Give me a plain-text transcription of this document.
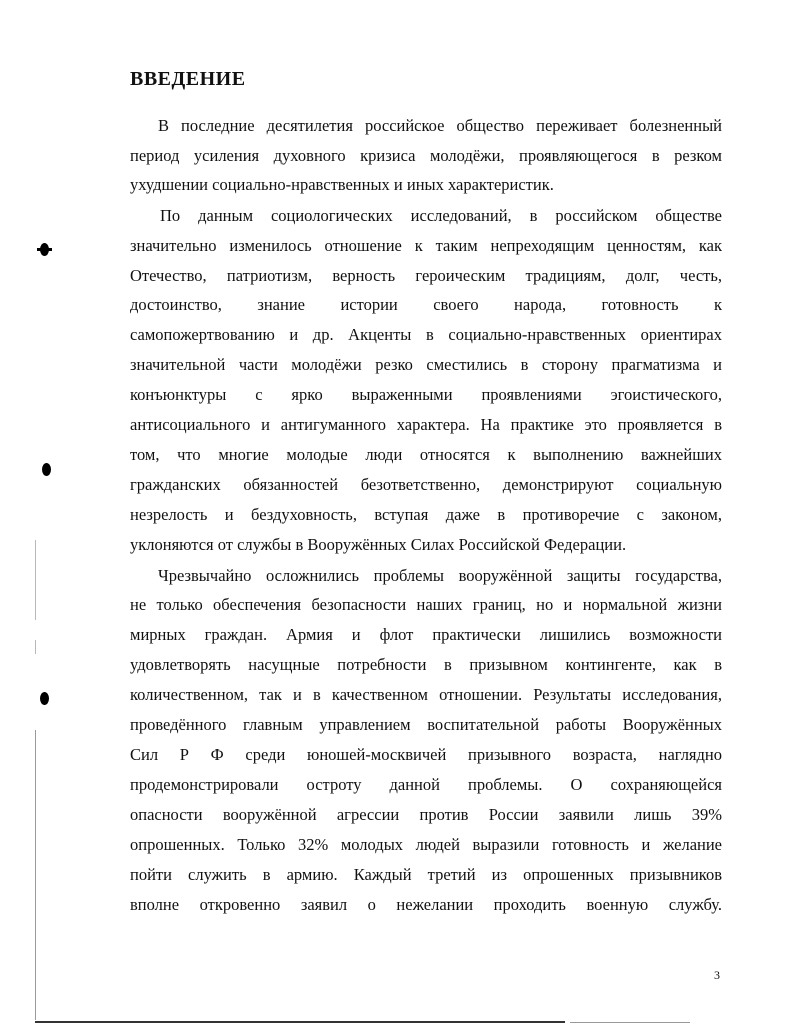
ВВЕДЕНИЕ
В последние десятилетия российское общество переживает болезненный
период усиления духовного кризиса молодёжи, проявляющегося в резком
ухудшении социально-нравственных и иных характеристик.
По данным социологических исследований, в российском обществе
значительно изменилось отношение к таким непреходящим ценностям, как
Отечество, патриотизм, верность героическим традициям, долг, честь,
достоинство, знание истории своего народа, готовность к
самопожертвованию и др. Акценты в социально-нравственных ориентирах
значительной части молодёжи резко сместились в сторону прагматизма и
конъюнктуры с ярко выраженными проявлениями эгоистического,
антисоциального и антигуманного характера. На практике это проявляется в
том, что многие молодые люди относятся к выполнению важнейших
гражданских обязанностей безответственно, демонстрируют социальную
незрелость и бездуховность, вступая даже в противоречие с законом,
уклоняются от службы в Вооружённых Силах Российской Федерации.
Чрезвычайно осложнились проблемы вооружённой защиты государства,
не только обеспечения безопасности наших границ, но и нормальной жизни
мирных граждан. Армия и флот практически лишились возможности
удовлетворять насущные потребности в призывном контингенте, как в
количественном, так и в качественном отношении. Результаты исследования,
проведённого главным управлением воспитательной работы Вооружённых
Сил Р Ф среди юношей-москвичей призывного возраста, наглядно
продемонстрировали остроту данной проблемы. О сохраняющейся
опасности вооружённой агрессии против России заявили лишь 39%
опрошенных. Только 32% молодых людей выразили готовность и желание
пойти служить в армию. Каждый третий из опрошенных призывников
вполне откровенно заявил о нежелании проходить военную службу.
3
